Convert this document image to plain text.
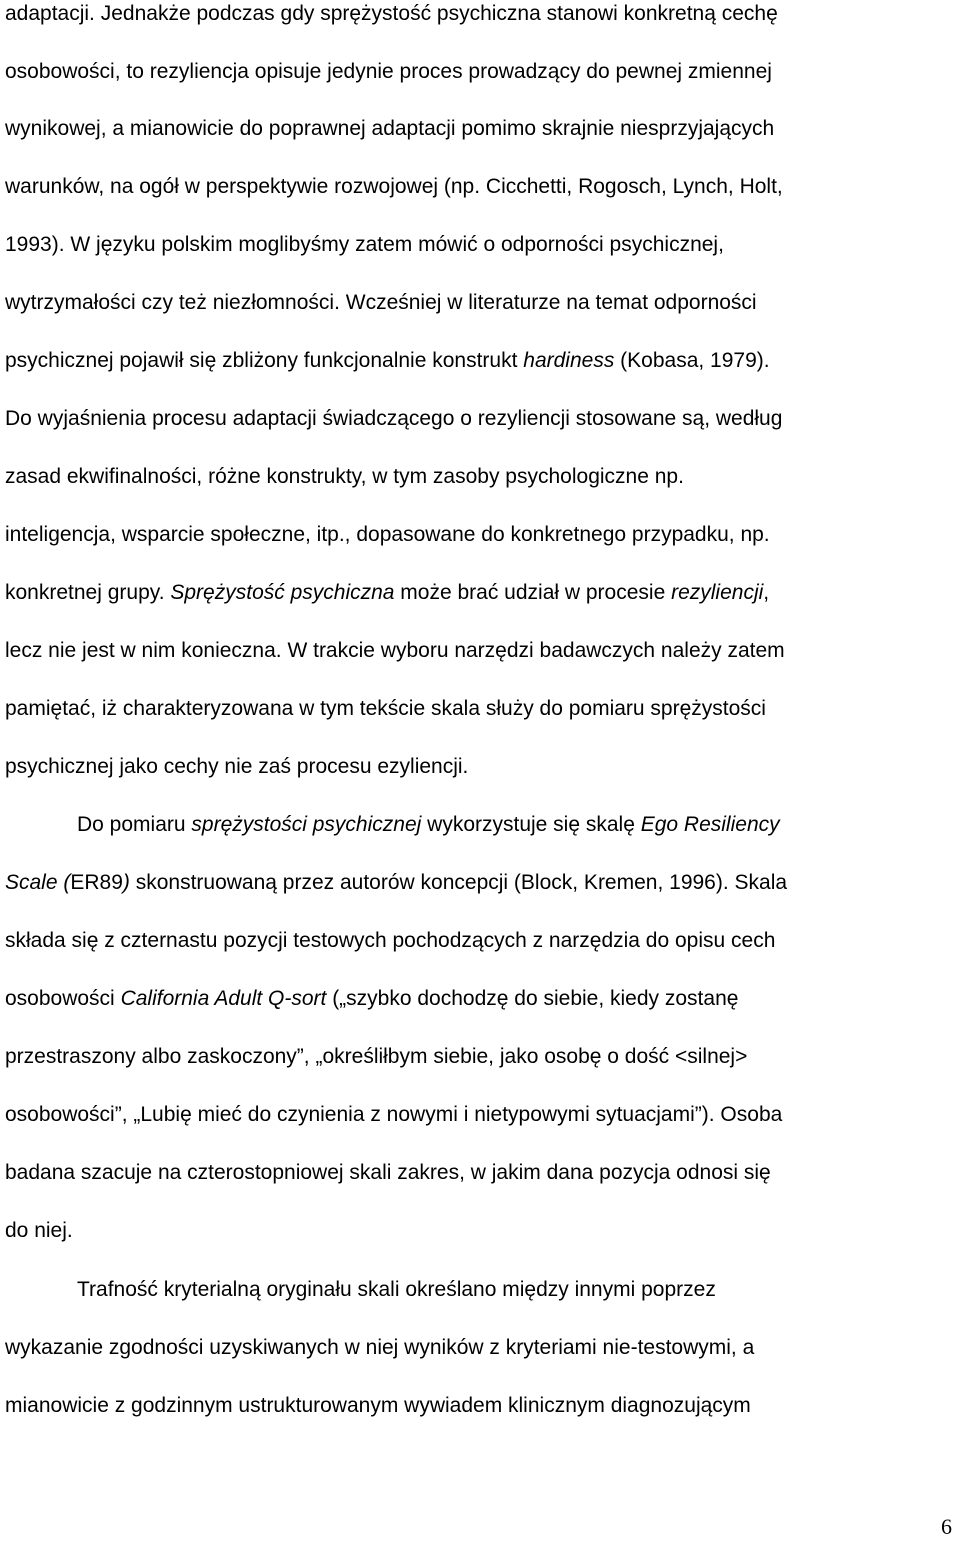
adaptacji. Jednakże podczas gdy sprężystość psychiczna stanowi konkretną cechę
osobowości, to rezyliencja opisuje jedynie proces prowadzący do pewnej zmiennej
wynikowej, a mianowicie do poprawnej adaptacji pomimo skrajnie niesprzyjających
warunków, na ogół w perspektywie rozwojowej (np. Cicchetti, Rogosch, Lynch, Holt,
1993). W języku polskim moglibyśmy zatem mówić o odporności psychicznej,
wytrzymałości czy też niezłomności. Wcześniej w literaturze na temat odporności
psychicznej pojawił się zbliżony funkcjonalnie konstrukt hardiness (Kobasa, 1979).
Do wyjaśnienia procesu adaptacji świadczącego o rezyliencji stosowane są, według
zasad ekwifinalności, różne konstrukty, w tym zasoby psychologiczne np.
inteligencja, wsparcie społeczne, itp., dopasowane do konkretnego przypadku, np.
konkretnej grupy. Sprężystość psychiczna może brać udział w procesie rezyliencji,
lecz nie jest w nim konieczna. W trakcie wyboru narzędzi badawczych należy zatem
pamiętać, iż charakteryzowana w tym tekście skala służy do pomiaru sprężystości
psychicznej jako cechy nie zaś procesu ezyliencji.
Do pomiaru sprężystości psychicznej wykorzystuje się skalę Ego Resiliency
Scale (ER89) skonstruowaną przez autorów koncepcji (Block, Kremen, 1996). Skala
składa się z czternastu pozycji testowych pochodzących z narzędzia do opisu cech
osobowości California Adult Q-sort („szybko dochodzę do siebie, kiedy zostanę
przestraszony albo zaskoczony”, „określiłbym siebie, jako osobę o dość <silnej>
osobowości”, „Lubię mieć do czynienia z nowymi i nietypowymi sytuacjami”). Osoba
badana szacuje na czterostopniowej skali zakres, w jakim dana pozycja odnosi się
do niej.
Trafność kryterialną oryginału skali określano między innymi poprzez
wykazanie zgodności uzyskiwanych w niej wyników z kryteriami nie-testowymi, a
mianowicie z godzinnym ustrukturowanym wywiadem klinicznym diagnozującym
6
